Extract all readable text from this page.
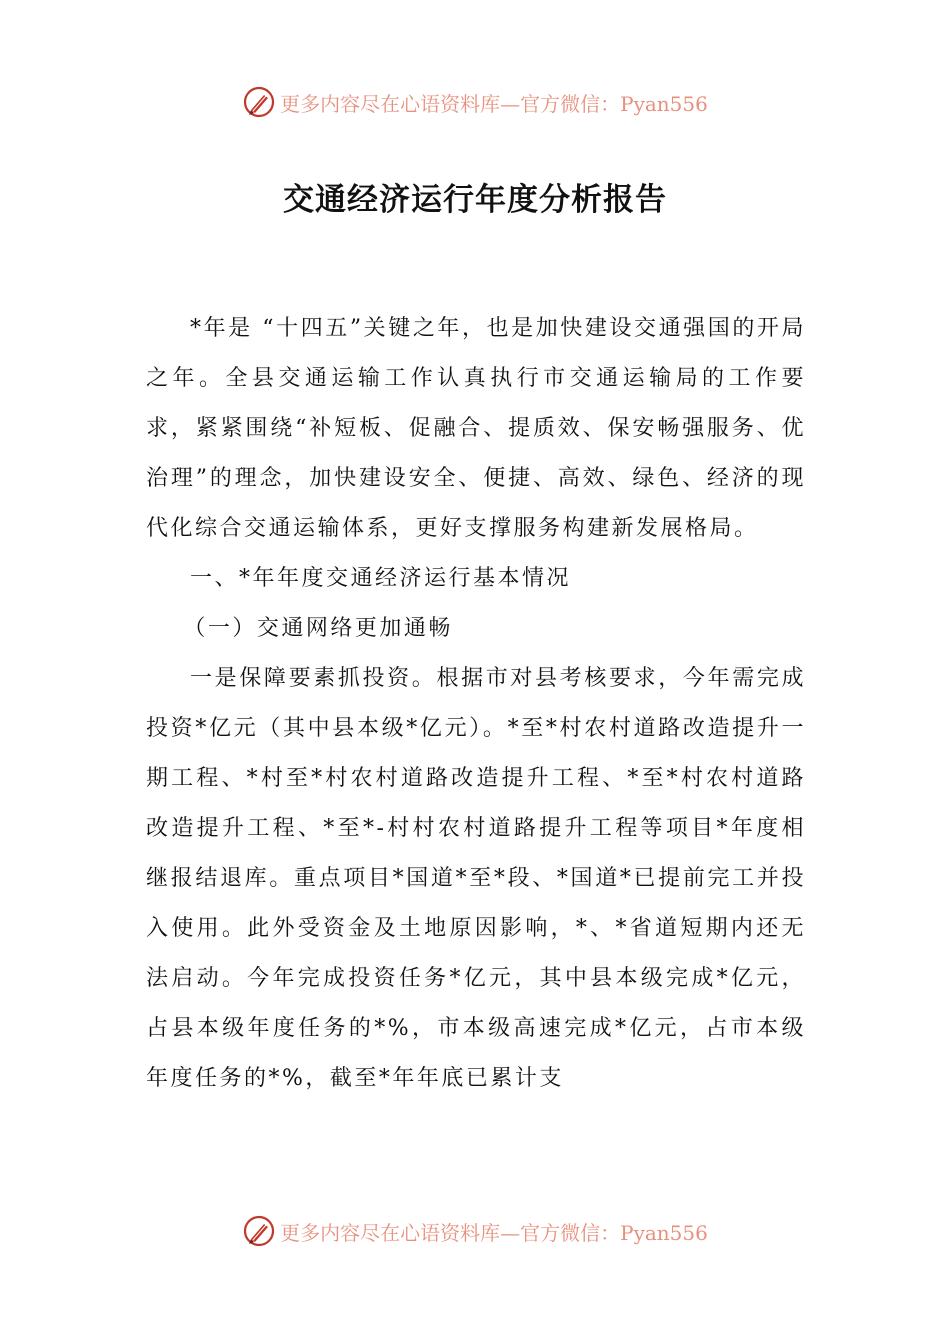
更多内容尽在心语资料库—官方微信：Pyan556
交通经济运行年度分析报告

*年是 “十四五”关键之年，也是加快建设交通强国的开局之年。全县交通运输工作认真执行市交通运输局的工作要求，紧紧围绕“补短板、促融合、提质效、保安畅强服务、优治理”的理念，加快建设安全、便捷、高效、绿色、经济的现代化综合交通运输体系，更好支撑服务构建新发展格局。

一、*年年度交通经济运行基本情况

（一）交通网络更加通畅

一是保障要素抓投资。根据市对县考核要求，今年需完成投资*亿元（其中县本级*亿元）。*至*村农村道路改造提升一期工程、*村至*村农村道路改造提升工程、*至*村农村道路改造提升工程、*至*-村村农村道路提升工程等项目*年度相继报结退库。重点项目*国道*至*段、*国道*已提前完工并投入使用。此外受资金及土地原因影响，*、*省道短期内还无法启动。今年完成投资任务*亿元，其中县本级完成*亿元，占县本级年度任务的*%，市本级高速完成*亿元，占市本级年度任务的*%，截至*年年底已累计支

更多内容尽在心语资料库—官方微信：Pyan556
